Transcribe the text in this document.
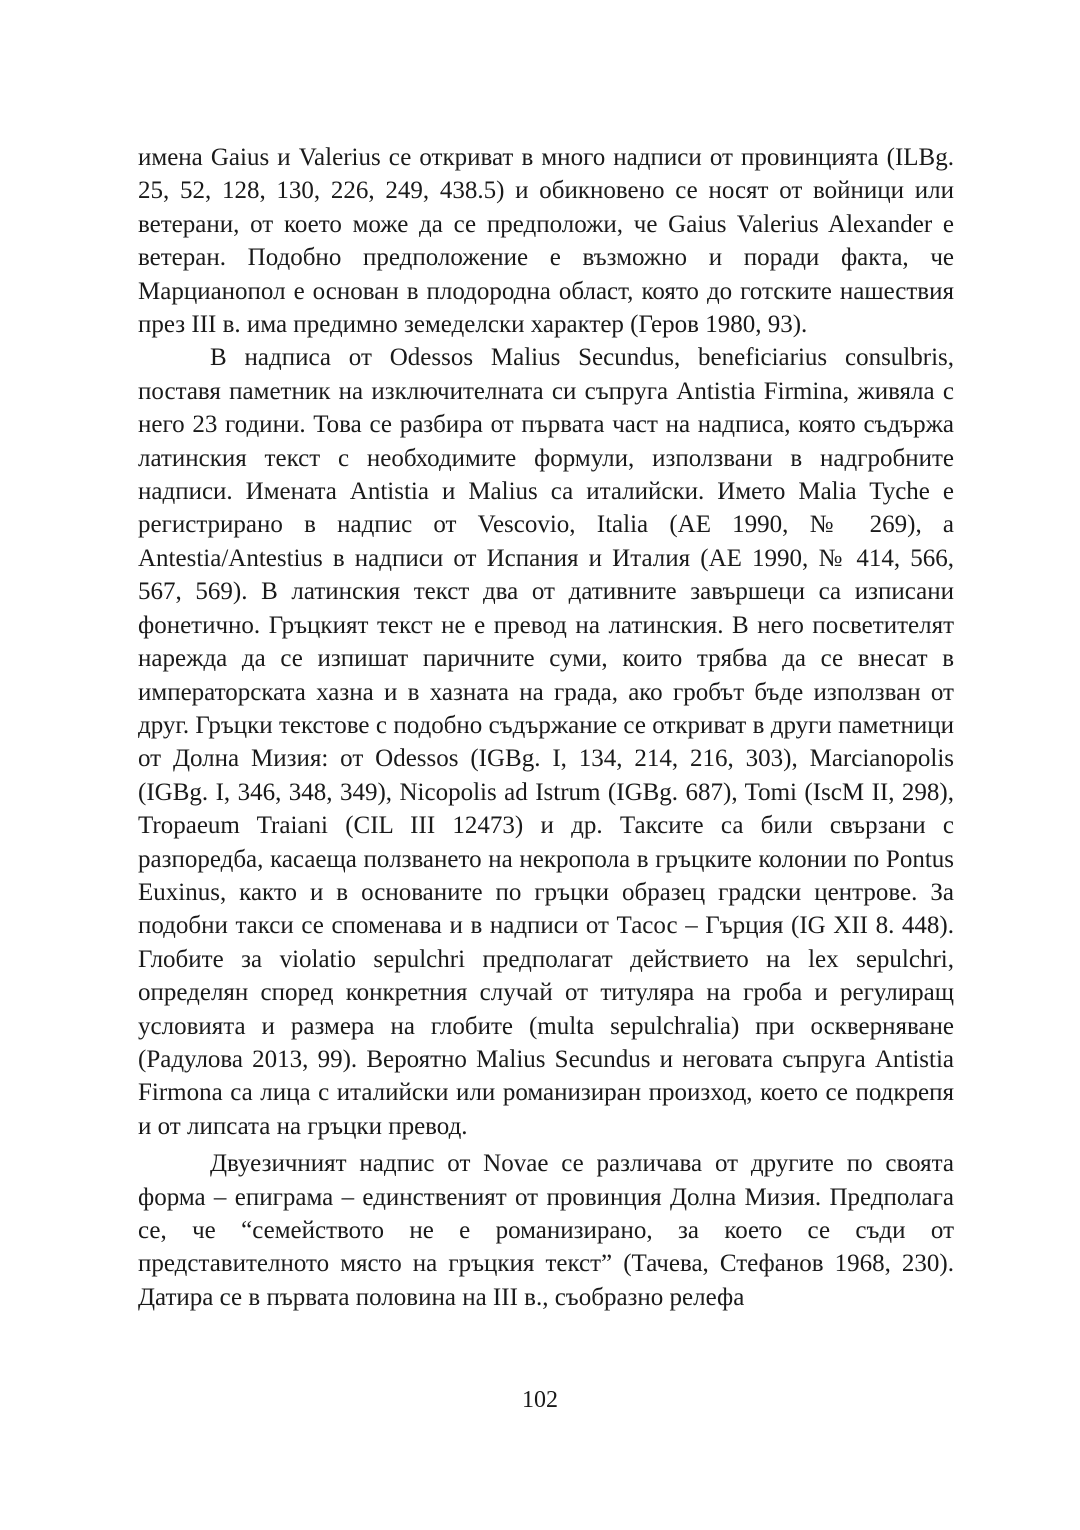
имена Gaius и Valerius се откриват в много надписи от провинцията (ILBg. 25, 52, 128, 130, 226, 249, 438.5) и обикновено се носят от войници или ветерани, от което може да се предположи, че Gaius Valerius Alexander е ветеран. Подобно предположение е възможно и поради факта, че Марцианопол е основан в плодородна област, която до готските нашествия през III в. има предимно земеделски характер (Геров 1980, 93).

В надписа от Odessos Malius Secundus, beneficiarius consulbris, поставя паметник на изключителната си съпруга Antistia Firmina, живяла с него 23 години. Това се разбира от първата част на надписа, която съдържа латинския текст с необходимите формули, използвани в надгробните надписи. Имената Antistia и Malius са италийски. Името Malia Tyche е регистрирано в надпис от Vescovio, Italia (AE 1990, № 269), а Antestia/Antestius в надписи от Испания и Италия (AE 1990, № 414, 566, 567, 569). В латинския текст два от дативните завършеци са изписани фонетично. Гръцкият текст не е превод на латинския. В него посветителят нарежда да се изпишат паричните суми, които трябва да се внесат в императорската хазна и в хазната на града, ако гробът бъде използван от друг. Гръцки текстове с подобно съдържание се откриват в други паметници от Долна Мизия: от Odessos (IGBg. I, 134, 214, 216, 303), Marcianopolis (IGBg. I, 346, 348, 349), Nicopolis ad Istrum (IGBg. 687), Tomi (IscM II, 298), Tropaeum Traiani (CIL III 12473) и др. Таксите са били свързани с разпоредба, касаеща ползването на некропола в гръцките колонии по Pontus Euxinus, както и в основаните по гръцки образец градски центрове. За подобни такси се споменава и в надписи от Тасос – Гърция (IG XII 8. 448). Глобите за violatio sepulchri предполагат действието на lex sepulchri, определян според конкретния случай от титуляра на гроба и регулиращ условията и размера на глобите (multa sepulchralia) при оскверняване (Радулова 2013, 99). Вероятно Malius Secundus и неговата съпруга Antistia Firmona са лица с италийски или романизиран произход, което се подкрепя и от липсата на гръцки превод.

Двуезичният надпис от Novae се различава от другите по своята форма – епиграма – единственият от провинция Долна Мизия. Предполага се, че “семейството не е романизирано, за което се съди от представителното място на гръцкия текст” (Тачева, Стефанов 1968, 230). Датира се в първата половина на III в., съобразно релефа

102
